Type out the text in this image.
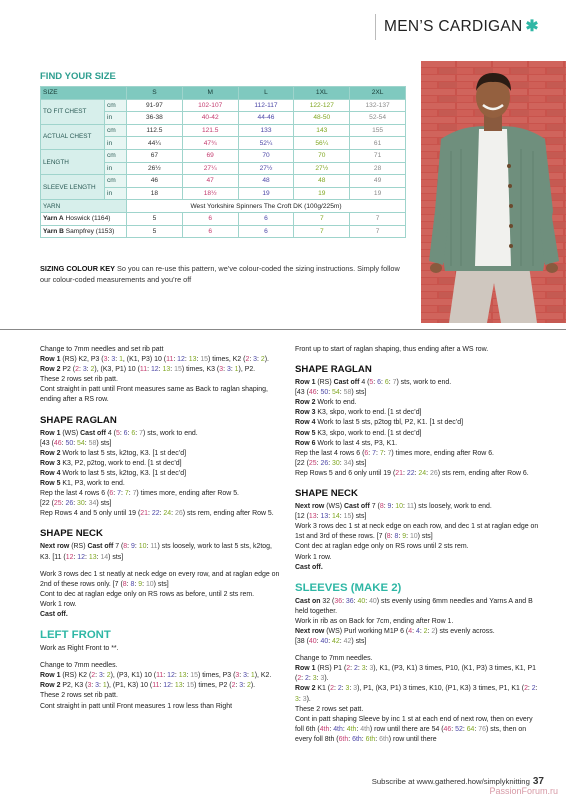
MEN’S CARDIGAN ✱
FIND YOUR SIZE
SIZE		S	M	L	1XL	2XL
TO FIT CHEST	cm	91-97	102-107	112-117	122-127	132-137
	in	36-38	40-42	44-46	48-50	52-54
ACTUAL CHEST	cm	112.5	121.5	133	143	155
	in	44¼	47¾	52¼	56¼	61
LENGTH	cm	67	69	70	70	71
	in	26½	27¼	27½	27½	28
SLEEVE LENGTH	cm	46	47	48	48	49
	in	18	18½	19	19	19
YARN		West Yorkshire Spinners The Croft DK (100g/225m)				
Yarn A Hoswick (1164)		5	6	6	7	7
Yarn B Sampfrey (1153)		5	6	6	7	7
SIZING COLOUR KEY So you can re-use this pattern, we’ve colour-coded the sizing instructions. Simply follow our colour-coded measurements and you’re off

Change to 7mm needles and set rib patt

Row 1 (RS) K2, P3 (3: 3: 1, (K1, P3) 10 (11: 12: 13: 15) times, K2 (2: 3: 2).

Row 2 P2 (2: 3: 2), (K3, P1) 10 (11: 12: 13: 15) times, K3 (3: 3: 1), P2.

These 2 rows set rib patt.

Cont straight in patt until Front measures same as Back to raglan shaping, ending after a RS row.

SHAPE RAGLAN

Row 1 (WS) Cast off 4 (5: 6: 6: 7) sts, work to end.

[43 (46: 50: 54: 58) sts]

Row 2 Work to last 5 sts, k2tog, K3. [1 st dec’d]

Row 3 K3, P2, p2tog, work to end. [1 st dec’d]

Row 4 Work to last 5 sts, k2tog, K3. [1 st dec’d]

Row 5 K1, P3, work to end.

Rep the last 4 rows 6 (6: 7: 7: 7) times more, ending after Row 5.

[22 (25: 26: 30: 34) sts]

Rep Rows 4 and 5 only until 19 (21: 22: 24: 26) sts rem, ending after Row 5.

SHAPE NECK

Next row (RS) Cast off 7 (8: 9: 10: 11) sts loosely, work to last 5 sts, k2tog, K3. [11 (12: 12: 13: 14) sts]

Work 3 rows dec 1 st neatly at neck edge on every row, and at raglan edge on 2nd of these rows only. [7 (8: 8: 9: 10) sts]

Cont to dec at raglan edge only on RS rows as before, until 2 sts rem.

Work 1 row.

Cast off.

LEFT FRONT

Work as Right Front to **.

Change to 7mm needles.

Row 1 (RS) K2 (2: 3: 2), (P3, K1) 10 (11: 12: 13: 15) times, P3 (3: 3: 1), K2.

Row 2 P2, K3 (3: 3: 1), (P1, K3) 10 (11: 12: 13: 15) times, P2 (2: 3: 2).

These 2 rows set rib patt.

Cont straight in patt until Front measures 1 row less than Right

Front up to start of raglan shaping, thus ending after a WS row.

SHAPE RAGLAN

Row 1 (RS) Cast off 4 (5: 6: 6: 7) sts, work to end.

[43 (46: 50: 54: 58) sts]

Row 2 Work to end.

Row 3 K3, skpo, work to end. [1 st dec’d]

Row 4 Work to last 5 sts, p2tog tbl, P2, K1. [1 st dec’d]

Row 5 K3, skpo, work to end. [1 st dec’d]

Row 6 Work to last 4 sts, P3, K1.

Rep the last 4 rows 6 (6: 7: 7: 7) times more, ending after Row 6.

[22 (25: 26: 30: 34) sts]

Rep Rows 5 and 6 only until 19 (21: 22: 24: 26) sts rem, ending after Row 6.

SHAPE NECK

Next row (WS) Cast off 7 (8: 9: 10: 11) sts loosely, work to end.

[12 (13: 13: 14: 15) sts]

Work 3 rows dec 1 st at neck edge on each row, and dec 1 st at raglan edge on 1st and 3rd of these rows. [7 (8: 8: 9: 10) sts]

Cont dec at raglan edge only on RS rows until 2 sts rem.

Work 1 row.

Cast off.

SLEEVES (MAKE 2)

Cast on 32 (36: 36: 40: 40) sts evenly using 6mm needles and Yarns A and B held together.

Work in rib as on Back for 7cm, ending after Row 1.

Next row (WS) Purl working M1P 6 (4: 4: 2: 2) sts evenly across.

[38 (40: 40: 42: 42) sts]

Change to 7mm needles.

Row 1 (RS) P1 (2: 2: 3: 3), K1, (P3, K1) 3 times, P10, (K1, P3) 3 times, K1, P1 (2: 2: 3: 3).

Row 2 K1 (2: 2: 3: 3), P1, (K3, P1) 3 times, K10, (P1, K3) 3 times, P1, K1 (2: 2: 3: 3).

These 2 rows set patt.

Cont in patt shaping Sleeve by inc 1 st at each end of next row, then on every foll 6th (4th: 4th: 4th: 4th) row until there are 54 (46: 52: 64: 76) sts, then on every foll 8th (6th: 6th: 6th: 6th) row until there

Subscribe at www.gathered.how/simplyknitting 37
PassionForum.ru
